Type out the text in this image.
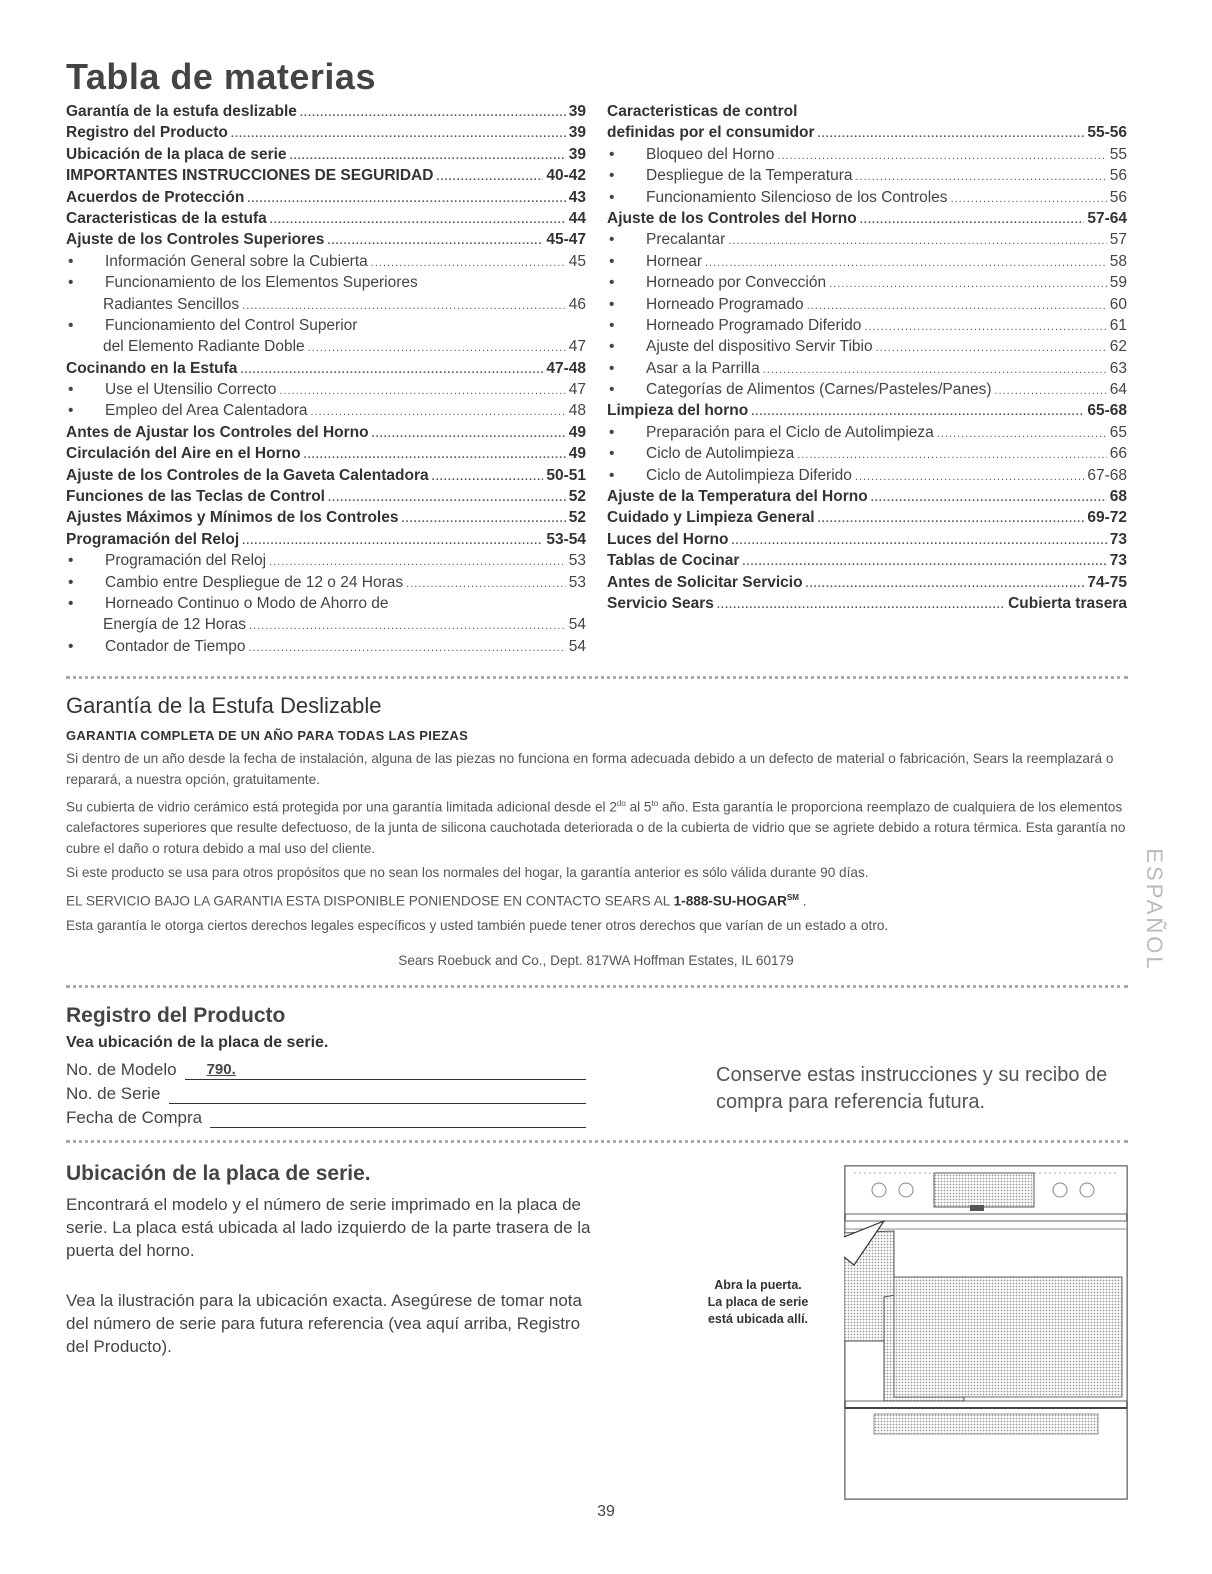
Tabla de materias
Garantía de la estufa deslizable .....	39
Registro del Producto .....	39
Ubicación de la placa de serie .....	39
IMPORTANTES INSTRUCCIONES DE SEGURIDAD .....	40-42
Acuerdos de Protección .....	43
Caracteristicas de la estufa .....	44
Ajuste de los Controles Superiores .....	45-47
•	Información General sobre la Cubierta .....	45
•	Funcionamiento de los Elementos Superiores
Radiantes Sencillos .....	46
•	Funcionamiento del Control Superior
del Elemento Radiante Doble .....	47
Cocinando en la Estufa .....	47-48
•	Use el Utensilio Correcto .....	47
•	Empleo del Area Calentadora .....	48
Antes de Ajustar los Controles del Horno .....	49
Circulación del Aire en el Horno .....	49
Ajuste de los Controles de la Gaveta Calentadora .....	50-51
Funciones de las Teclas de Control .....	52
Ajustes Máximos y Mínimos de los Controles .....	52
Programación del Reloj .....	53-54
•	Programación del Reloj .....	53
•	Cambio entre Despliegue de 12 o 24 Horas .....	53
•	Horneado Continuo o Modo de Ahorro de
Energía de 12 Horas .....	54
•	Contador de Tiempo .....	54
Caracteristicas de control
definidas por el consumidor .....	55-56
•	Bloqueo del Horno .....	55
•	Despliegue de la Temperatura .....	56
•	Funcionamiento Silencioso de los Controles .....	56
Ajuste de los Controles del Horno .....	57-64
•	Precalantar .....	57
•	Hornear .....	58
•	Horneado por Convección .....	59
•	Horneado Programado .....	60
•	Horneado Programado Diferido .....	61
•	Ajuste del dispositivo Servir Tibio .....	62
•	Asar a la Parrilla .....	63
•	Categorías de Alimentos (Carnes/Pasteles/Panes) .....	64
Limpieza del horno .....	65-68
•	Preparación para el Ciclo de Autolimpieza .....	65
•	Ciclo de Autolimpieza .....	66
•	Ciclo de Autolimpieza Diferido .....	67-68
Ajuste de la Temperatura del Horno .....	68
Cuidado y Limpieza General .....	69-72
Luces del Horno .....	73
Tablas de Cocinar .....	73
Antes de Solicitar Servicio .....	74-75
Servicio Sears .....	Cubierta trasera
Garantía de la Estufa Deslizable
GARANTIA COMPLETA DE UN AÑO PARA TODAS LAS PIEZAS

Si dentro de un año desde la fecha de instalación, alguna de las piezas no funciona en forma adecuada debido a un defecto de material o fabricación, Sears la reemplazará o reparará, a nuestra opción, gratuitamente.

Su cubierta de vidrio cerámico está protegida por una garantía limitada adicional desde el $2^{do}$ al $5^{to}$ año. Esta garantía le proporciona reemplazo de cualquiera de los elementos calefactores superiores que resulte defectuoso, de la junta de silicona cauchotada deteriorada o de la cubierta de vidrio que se agriete debido a rotura térmica. Esta garantía no cubre el daño o rotura debido a mal uso del cliente.

Si este producto se usa para otros propósitos que no sean los normales del hogar, la garantía anterior es sólo válida durante 90 días.

EL SERVICIO BAJO LA GARANTIA ESTA DISPONIBLE PONIENDOSE EN CONTACTO SEARS AL 1-888-SU-HOGAR℠ .

Esta garantía le otorga ciertos derechos legales específicos y usted también puede tener otros derechos que varían de un estado a otro.

Sears Roebuck and Co., Dept. 817WA Hoffman Estates, IL 60179	ESPAÑOL
Registro del Producto
Vea ubicación de la placa de serie.
No. de Modelo	790.
No. de Serie
Fecha de Compra
Conserve estas instrucciones y su recibo de compra para referencia futura.
Ubicación de la placa de serie.
Encontrará el modelo y el número de serie imprimado en la placa de serie. La placa está ubicada al lado izquierdo de la parte trasera de la puerta del horno.
Vea la ilustración para la ubicación exacta. Asegúrese de tomar nota del número de serie para futura referencia (vea aquí arriba, Registro del Producto).
Abra la puerta.
La placa de serie
está ubicada allí.
39
